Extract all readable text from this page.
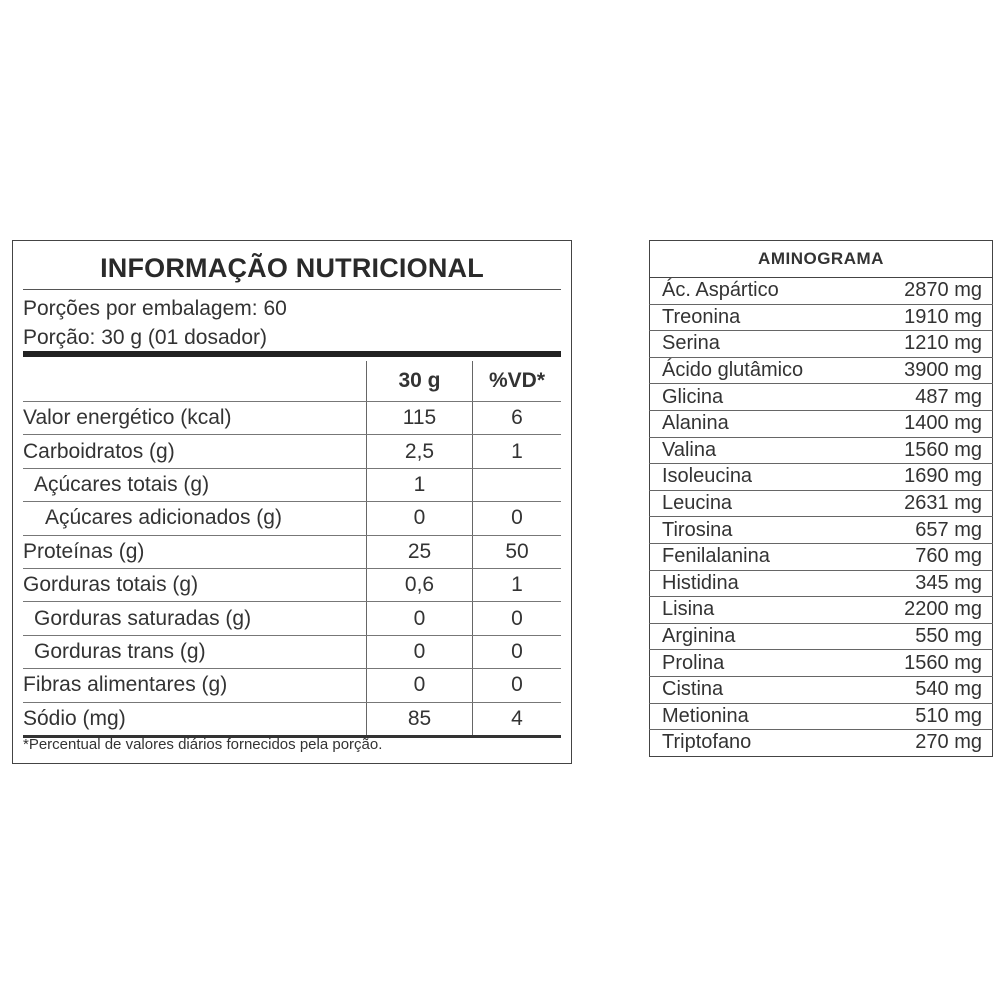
INFORMAÇÃO NUTRICIONAL
Porções por embalagem: 60
Porção: 30 g (01 dosador)
	30 g	%VD*
Valor energético (kcal)	115	6
Carboidratos (g)	2,5	1
Açúcares totais (g)	1	
Açúcares adicionados (g)	0	0
Proteínas (g)	25	50
Gorduras totais (g)	0,6	1
Gorduras saturadas (g)	0	0
Gorduras trans (g)	0	0
Fibras alimentares (g)	0	0
Sódio (mg)	85	4
*Percentual de valores diários fornecidos pela porção.
AMINOGRAMA	
Ác. Aspártico	2870 mg
Treonina	1910 mg
Serina	1210 mg
Ácido glutâmico	3900 mg
Glicina	487 mg
Alanina	1400 mg
Valina	1560 mg
Isoleucina	1690 mg
Leucina	2631 mg
Tirosina	657 mg
Fenilalanina	760 mg
Histidina	345 mg
Lisina	2200 mg
Arginina	550 mg
Prolina	1560 mg
Cistina	540 mg
Metionina	510 mg
Triptofano	270 mg
